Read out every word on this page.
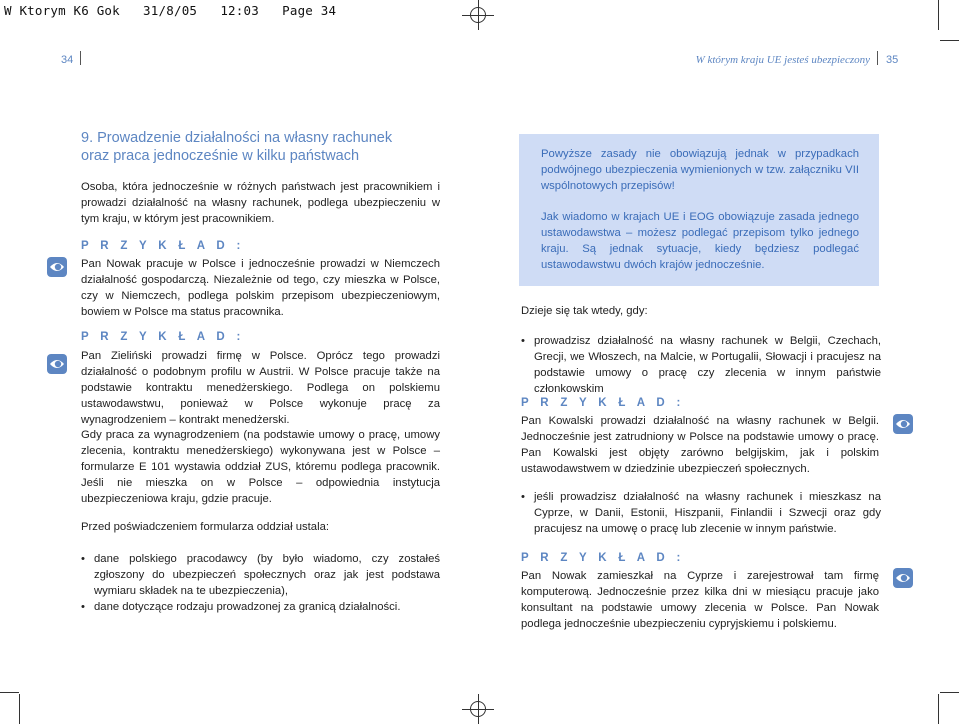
W Ktorym K6 Gok   31/8/05   12:03   Page 34
34	W którym kraju UE jesteś ubezpieczony 35
9. Prowadzenie działalności na własny rachunek
oraz praca jednocześnie w kilku państwach
Osoba, która jednocześnie w różnych państwach jest pracownikiem i prowadzi działalność na własny rachunek, podlega ubezpieczeniu w tym kraju, w którym jest pracownikiem.
P R Z Y K Ł A D :
Pan Nowak pracuje w Polsce i jednocześnie prowadzi w Niemczech działalność gospodarczą. Niezależnie od tego, czy mieszka w Polsce, czy w Niemczech, podlega polskim przepisom ubezpieczeniowym, bowiem w Polsce ma status pracownika.
P R Z Y K Ł A D :
Pan Zieliński prowadzi firmę w Polsce. Oprócz tego prowadzi działalność o podobnym profilu w Austrii. W Polsce pracuje także na podstawie kontraktu menedżerskiego. Podlega on polskiemu ustawodawstwu, ponieważ w Polsce wykonuje pracę za wynagrodzeniem – kontrakt menedżerski.
Gdy praca za wynagrodzeniem (na podstawie umowy o pracę, umowy zlecenia, kontraktu menedżerskiego) wykonywana jest w Polsce – formularze E 101 wystawia oddział ZUS, któremu podlega pracownik. Jeśli nie mieszka on w Polsce – odpowiednia instytucja ubezpieczeniowa kraju, gdzie pracuje.
Przed poświadczeniem formularza oddział ustala:
• dane polskiego pracodawcy (by było wiadomo, czy zostałeś zgłoszony do ubezpieczeń społecznych oraz jak jest podstawa wymiaru składek na te ubezpieczenia),
• dane dotyczące rodzaju prowadzonej za granicą działalności.
Powyższe zasady nie obowiązują jednak w przypadkach podwójnego ubezpieczenia wymienionych w tzw. załączniku VII wspólnotowych przepisów!
Jak wiadomo w krajach UE i EOG obowiązuje zasada jednego ustawodawstwa – możesz podlegać przepisom tylko jednego kraju. Są jednak sytuacje, kiedy będziesz podlegać ustawodawstwu dwóch krajów jednocześnie.
Dzieje się tak wtedy, gdy:
• prowadzisz działalność na własny rachunek w Belgii, Czechach, Grecji, we Włoszech, na Malcie, w Portugalii, Słowacji i pracujesz na podstawie umowy o pracę czy zlecenia w innym państwie członkowskim
P R Z Y K Ł A D :
Pan Kowalski prowadzi działalność na własny rachunek w Belgii. Jednocześnie jest zatrudniony w Polsce na podstawie umowy o pracę. Pan Kowalski jest objęty zarówno belgijskim, jak i polskim ustawodawstwem w dziedzinie ubezpieczeń społecznych.
• jeśli prowadzisz działalność na własny rachunek i mieszkasz na Cyprze, w Danii, Estonii, Hiszpanii, Finlandii i Szwecji oraz gdy pracujesz na umowę o pracę lub zlecenie w innym państwie.
P R Z Y K Ł A D :
Pan Nowak zamieszkał na Cyprze i zarejestrował tam firmę komputerową. Jednocześnie przez kilka dni w miesiącu pracuje jako konsultant na podstawie umowy zlecenia w Polsce. Pan Nowak podlega jednocześnie ubezpieczeniu cypryjskiemu i polskiemu.
